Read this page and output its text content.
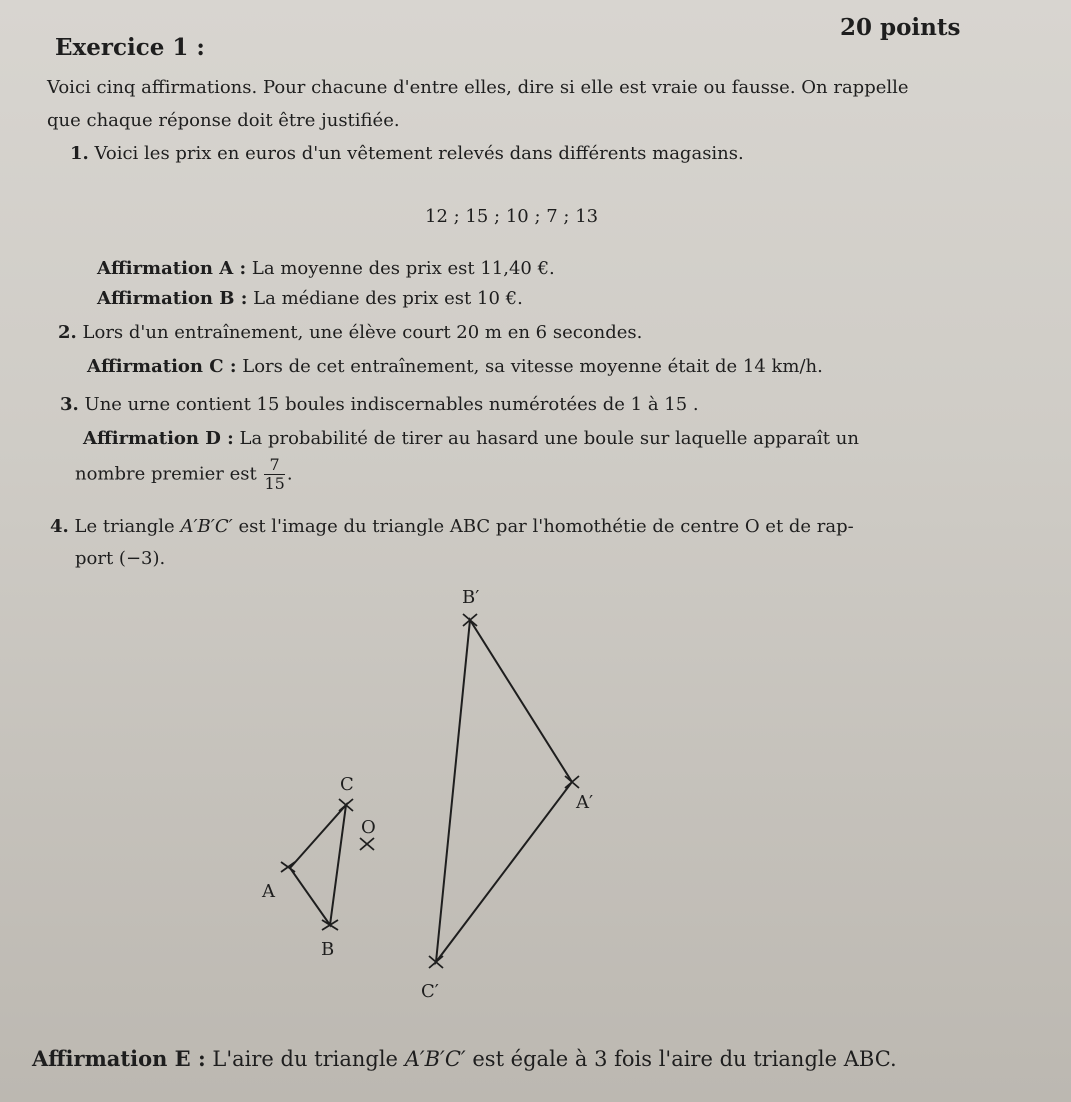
Exercice 1 :
20 points
Voici cinq affirmations. Pour chacune d'entre elles, dire si elle est vraie ou fausse. On rappelle
que chaque réponse doit être justifiée.
1. Voici les prix en euros d'un vêtement relevés dans différents magasins.
12 ; 15 ; 10 ; 7 ; 13
Affirmation A : La moyenne des prix est 11,40 €.
Affirmation B : La médiane des prix est 10 €.
2. Lors d'un entraînement, une élève court 20 m en 6 secondes.
Affirmation C : Lors de cet entraînement, sa vitesse moyenne était de 14 km/h.
3. Une urne contient 15 boules indiscernables numérotées de 1 à 15 .
Affirmation D : La probabilité de tirer au hasard une boule sur laquelle apparaît un
nombre premier est $\frac{7}{15}$ .
4. Le triangle A′B′C′ est l'image du triangle ABC par l'homothétie de centre O et de rap-
port (−3).
A
B
C
O
B′
A′
C′
Affirmation E : L'aire du triangle A′B′C′ est égale à 3 fois l'aire du triangle ABC.
